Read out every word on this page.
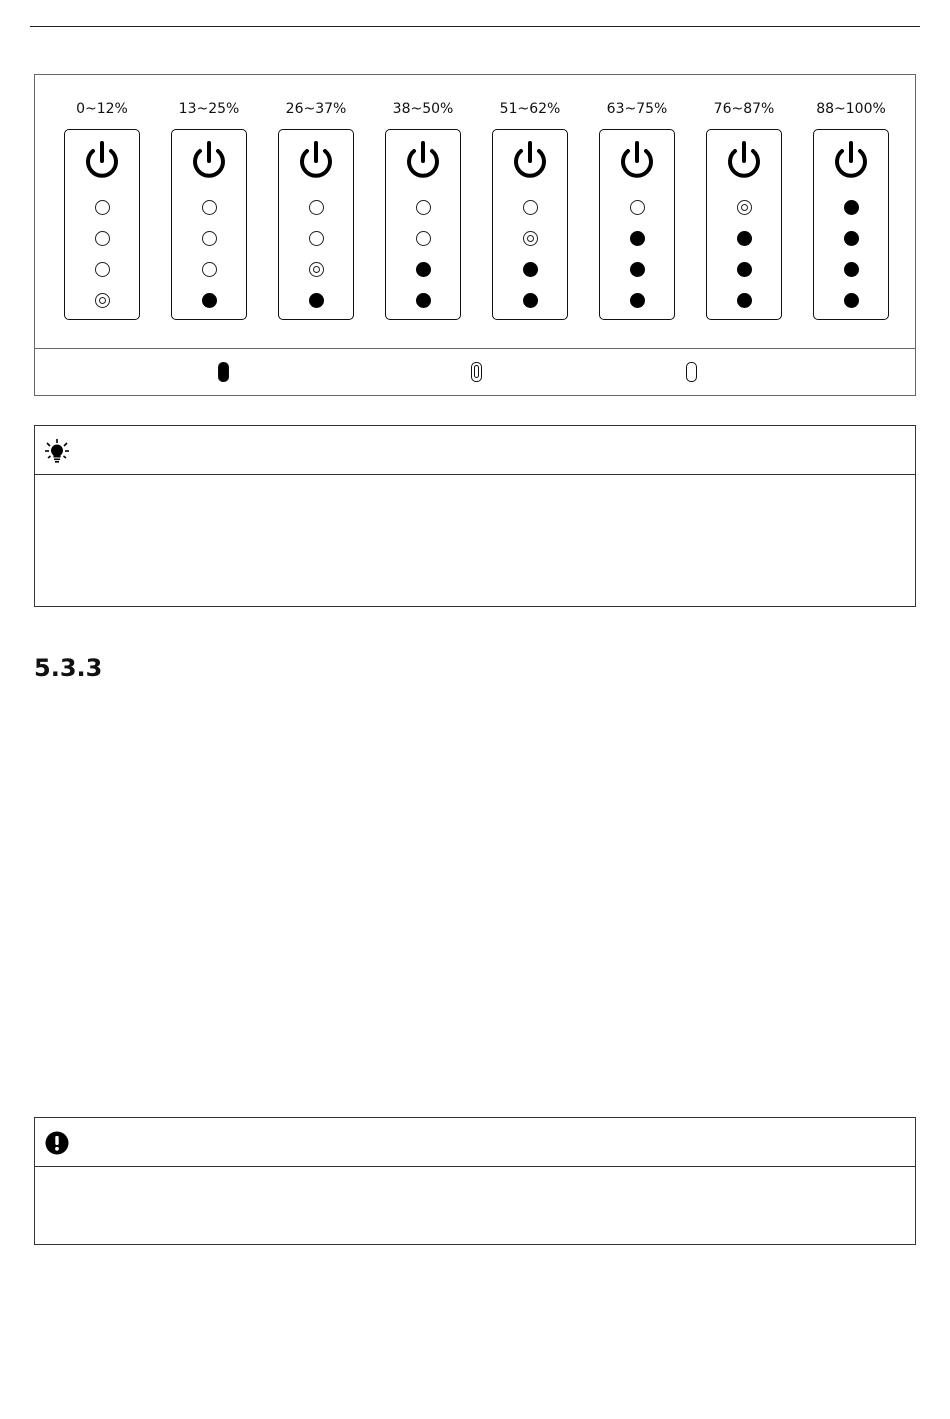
0~12%	13~25%	26~37%	38~50%	51~62%	63~75%	76~87%	88~100%
5.3.3
